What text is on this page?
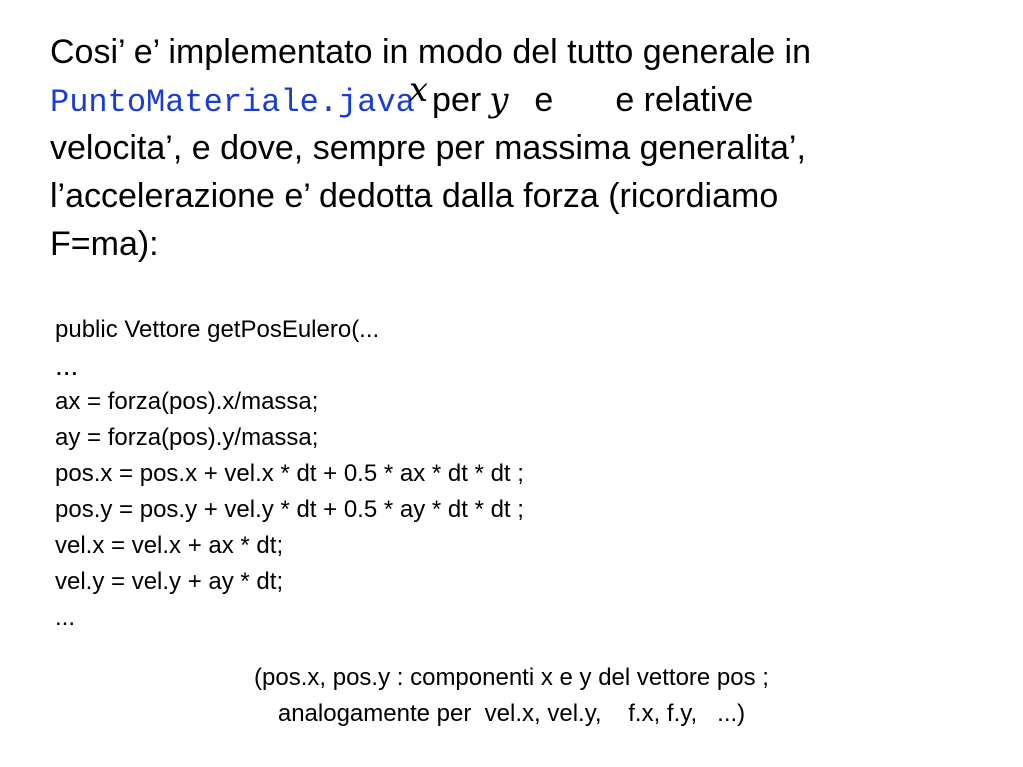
Cosi’ e’ implementato in modo del tutto generale in
PuntoMateriale.javax per y e e relative
velocita’, e dove, sempre per massima generalita’,
l’accelerazione e’ dedotta dalla forza (ricordiamo
F=ma):
public Vettore getPosEulero(...
...
ax = forza(pos).x/massa;
ay = forza(pos).y/massa;
pos.x = pos.x + vel.x * dt + 0.5 * ax * dt * dt ;
pos.y = pos.y + vel.y * dt + 0.5 * ay * dt * dt ;
vel.x = vel.x + ax * dt;
vel.y = vel.y + ay * dt;
...
(pos.x, pos.y : componenti x e y del vettore pos ;
analogamente per  vel.x, vel.y,    f.x, f.y,   ...)
